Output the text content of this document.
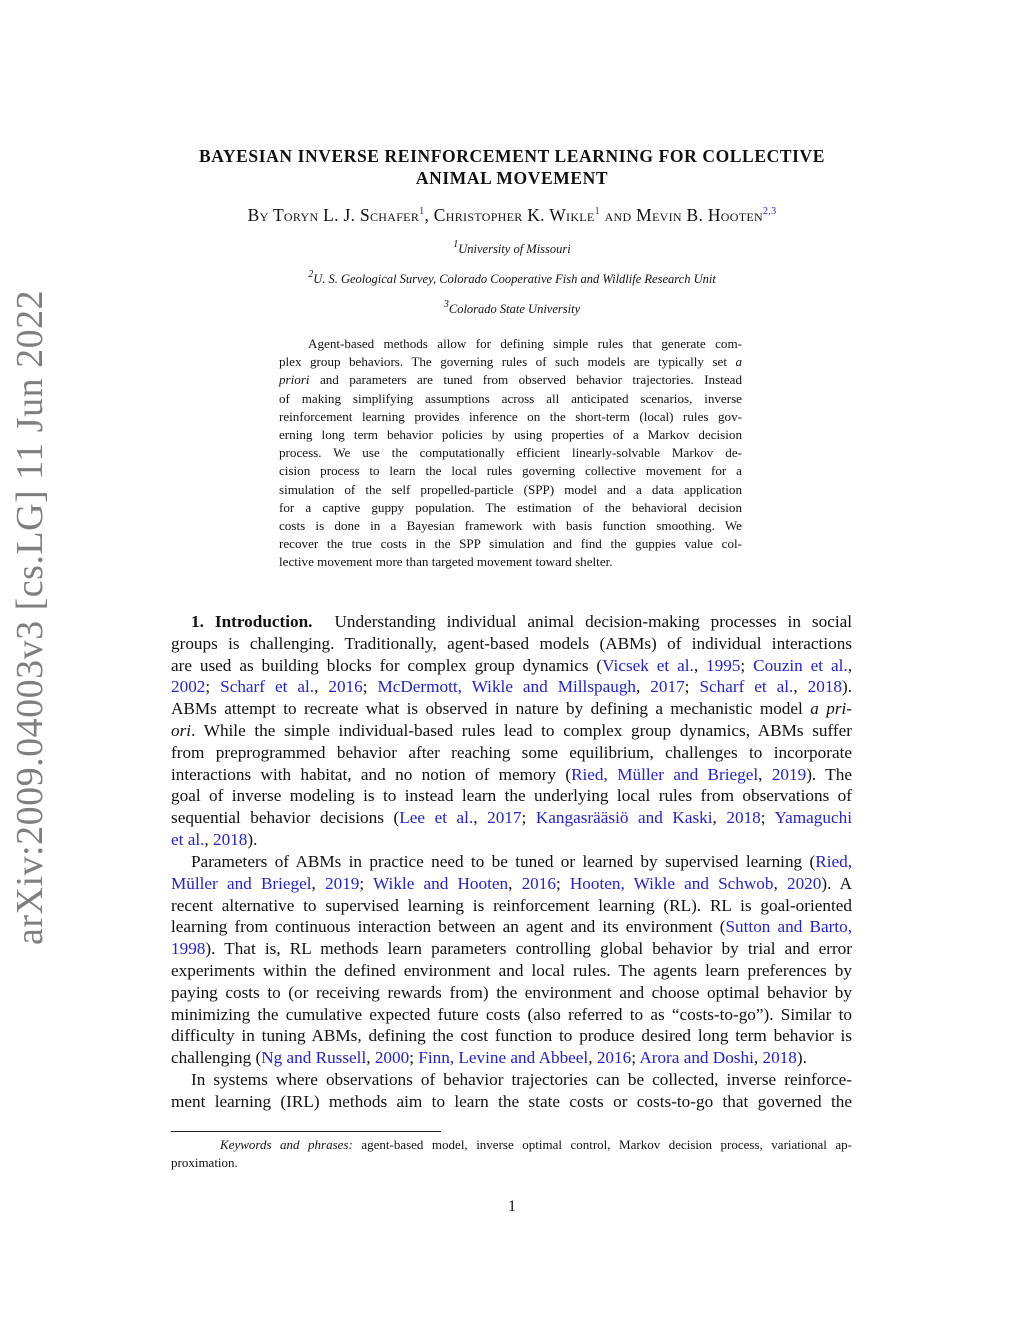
arXiv:2009.04003v3 [cs.LG] 11 Jun 2022
BAYESIAN INVERSE REINFORCEMENT LEARNING FOR COLLECTIVE
ANIMAL MOVEMENT
By Toryn L. J. Schafer$^1$, Christopher K. Wikle$^1$ and Mevin B. Hooten$^{2,3}$
$^1$University of Missouri
$^2$U. S. Geological Survey, Colorado Cooperative Fish and Wildlife Research Unit
$^3$Colorado State University
Agent-based methods allow for defining simple rules that generate com-
plex group behaviors. The governing rules of such models are typically set a
priori and parameters are tuned from observed behavior trajectories. Instead
of making simplifying assumptions across all anticipated scenarios, inverse
reinforcement learning provides inference on the short-term (local) rules gov-
erning long term behavior policies by using properties of a Markov decision
process. We use the computationally efficient linearly-solvable Markov de-
cision process to learn the local rules governing collective movement for a
simulation of the self propelled-particle (SPP) model and a data application
for a captive guppy population. The estimation of the behavioral decision
costs is done in a Bayesian framework with basis function smoothing. We
recover the true costs in the SPP simulation and find the guppies value col-
lective movement more than targeted movement toward shelter.
1. Introduction. Understanding individual animal decision-making processes in social
groups is challenging. Traditionally, agent-based models (ABMs) of individual interactions
are used as building blocks for complex group dynamics (Vicsek et al., 1995; Couzin et al.,
2002; Scharf et al., 2016; McDermott, Wikle and Millspaugh, 2017; Scharf et al., 2018).
ABMs attempt to recreate what is observed in nature by defining a mechanistic model a pri-
ori. While the simple individual-based rules lead to complex group dynamics, ABMs suffer
from preprogrammed behavior after reaching some equilibrium, challenges to incorporate
interactions with habitat, and no notion of memory (Ried, Müller and Briegel, 2019). The
goal of inverse modeling is to instead learn the underlying local rules from observations of
sequential behavior decisions (Lee et al., 2017; Kangasrääsiö and Kaski, 2018; Yamaguchi
et al., 2018).
Parameters of ABMs in practice need to be tuned or learned by supervised learning (Ried,
Müller and Briegel, 2019; Wikle and Hooten, 2016; Hooten, Wikle and Schwob, 2020). A
recent alternative to supervised learning is reinforcement learning (RL). RL is goal-oriented
learning from continuous interaction between an agent and its environment (Sutton and Barto,
1998). That is, RL methods learn parameters controlling global behavior by trial and error
experiments within the defined environment and local rules. The agents learn preferences by
paying costs to (or receiving rewards from) the environment and choose optimal behavior by
minimizing the cumulative expected future costs (also referred to as “costs-to-go”). Similar to
difficulty in tuning ABMs, defining the cost function to produce desired long term behavior is
challenging (Ng and Russell, 2000; Finn, Levine and Abbeel, 2016; Arora and Doshi, 2018).
In systems where observations of behavior trajectories can be collected, inverse reinforce-
ment learning (IRL) methods aim to learn the state costs or costs-to-go that governed the
Keywords and phrases: agent-based model, inverse optimal control, Markov decision process, variational ap-
proximation.
1
